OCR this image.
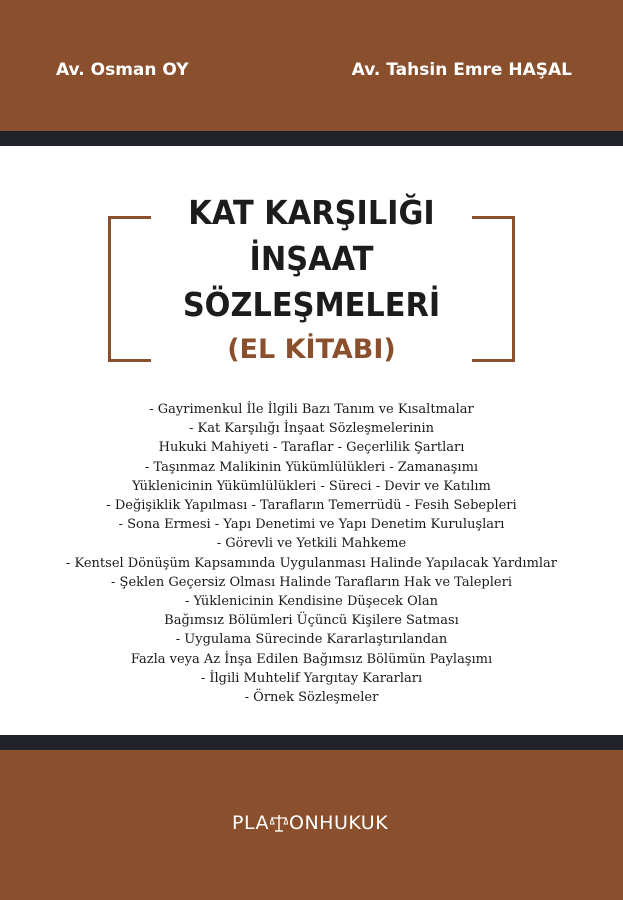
Av. Osman OY	Av. Tahsin Emre HAŞAL
KAT KARŞILIĞI
İNŞAAT
SÖZLEŞMELERİ
(EL KİTABI)
- Gayrimenkul İle İlgili Bazı Tanım ve Kısaltmalar
- Kat Karşılığı İnşaat Sözleşmelerinin
Hukuki Mahiyeti - Taraflar - Geçerlilik Şartları
- Taşınmaz Malikinin Yükümlülükleri - Zamanaşımı
Yüklenicinin Yükümlülükleri - Süreci - Devir ve Katılım
- Değişiklik Yapılması - Tarafların Temerrüdü - Fesih Sebepleri
- Sona Ermesi - Yapı Denetimi ve Yapı Denetim Kuruluşları
- Görevli ve Yetkili Mahkeme
- Kentsel Dönüşüm Kapsamında Uygulanması Halinde Yapılacak Yardımlar
- Şeklen Geçersiz Olması Halinde Tarafların Hak ve Talepleri
- Yüklenicinin Kendisine Düşecek Olan
Bağımsız Bölümleri Üçüncü Kişilere Satması
- Uygulama Sürecinde Kararlaştırılandan
Fazla veya Az İnşa Edilen Bağımsız Bölümün Paylaşımı
- İlgili Muhtelif Yargıtay Kararları
- Örnek Sözleşmeler
PLA ONHUKUK
